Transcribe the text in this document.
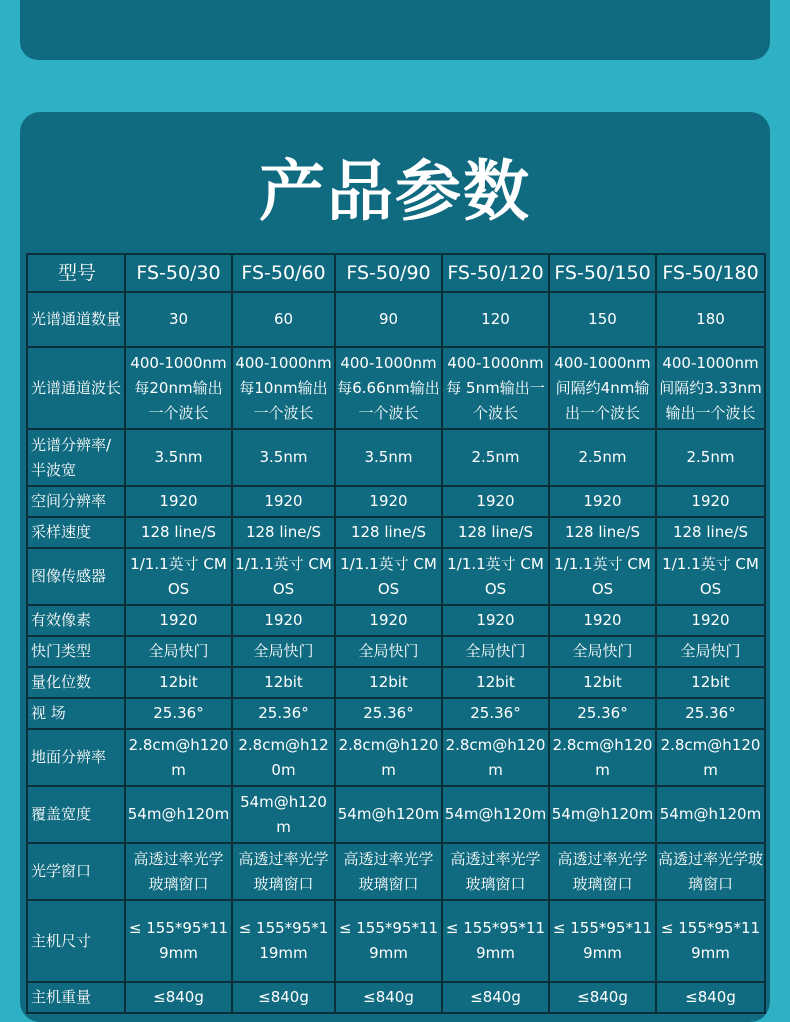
产品参数
型号	FS-50/30	FS-50/60	FS-50/90	FS-50/120	FS-50/150	FS-50/180
光谱通道数量	30	60	90	120	150	180
光谱通道波长	400-1000nm 每20nm输出一个波长	400-1000nm 每10nm输出一个波长	400-1000nm 每6.66nm输出一个波长	400-1000nm 每 5nm输出一个波长	400-1000nm 间隔约4nm输出一个波长	400-1000nm 间隔约3.33nm输出一个波长
光谱分辨率/半波宽	3.5nm	3.5nm	3.5nm	2.5nm	2.5nm	2.5nm
空间分辨率	1920	1920	1920	1920	1920	1920
采样速度	128 line/S	128 line/S	128 line/S	128 line/S	128 line/S	128 line/S
图像传感器	1/1.1英寸 CMOS	1/1.1英寸 CMOS	1/1.1英寸 CMOS	1/1.1英寸 CMOS	1/1.1英寸 CMOS	1/1.1英寸 CMOS
有效像素	1920	1920	1920	1920	1920	1920
快门类型	全局快门	全局快门	全局快门	全局快门	全局快门	全局快门
量化位数	12bit	12bit	12bit	12bit	12bit	12bit
视 场	25.36°	25.36°	25.36°	25.36°	25.36°	25.36°
地面分辨率	2.8cm@h120m	2.8cm@h120m	2.8cm@h120m	2.8cm@h120m	2.8cm@h120m	2.8cm@h120m
覆盖宽度	54m@h120m	54m@h120m	54m@h120m	54m@h120m	54m@h120m	54m@h120m
光学窗口	高透过率光学玻璃窗口	高透过率光学玻璃窗口	高透过率光学玻璃窗口	高透过率光学玻璃窗口	高透过率光学玻璃窗口	高透过率光学玻璃窗口
主机尺寸	≤ 155*95*119mm	≤ 155*95*119mm	≤ 155*95*119mm	≤ 155*95*119mm	≤ 155*95*119mm	≤ 155*95*119mm
主机重量	≤840g	≤840g	≤840g	≤840g	≤840g	≤840g
